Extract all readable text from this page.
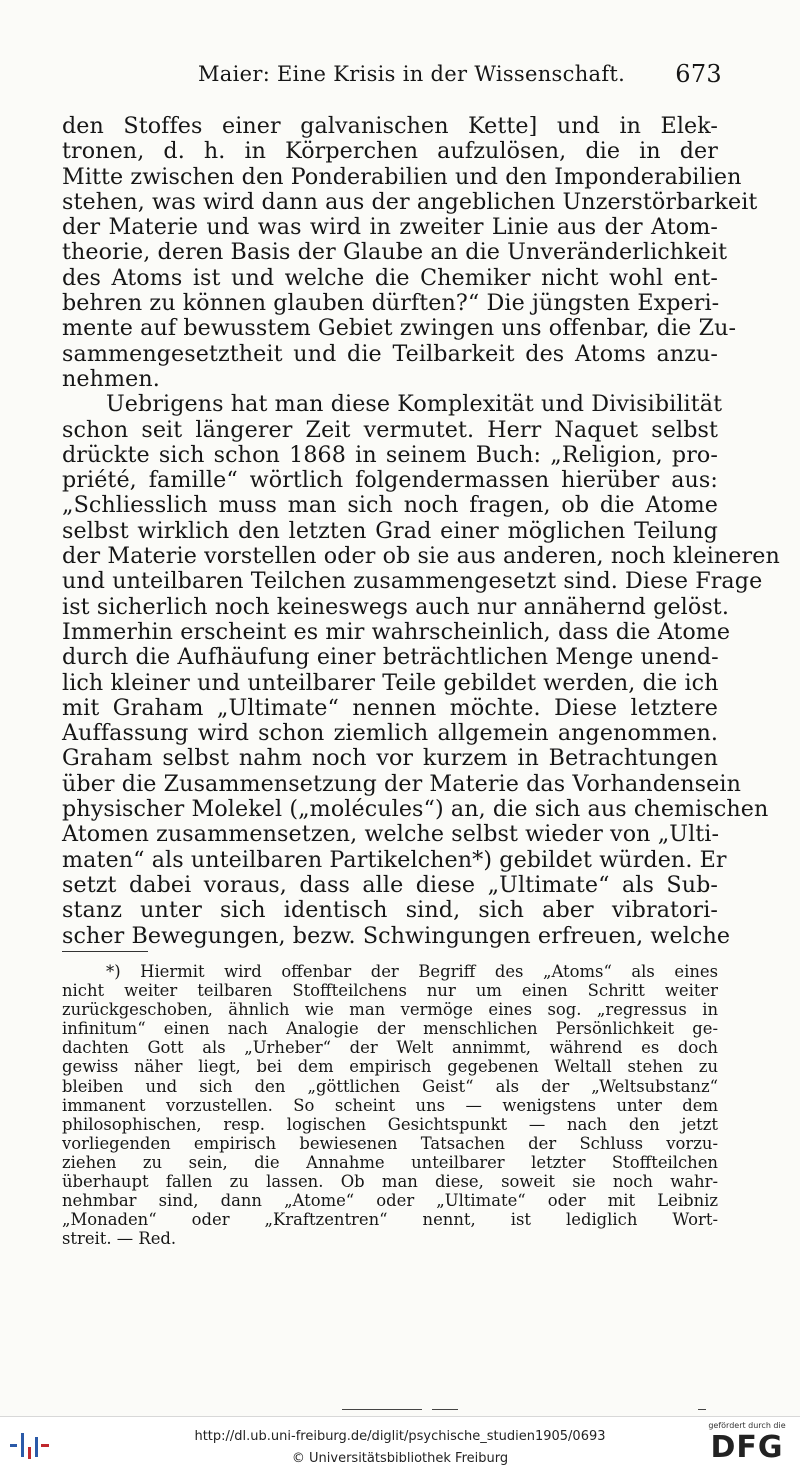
Maier: Eine Krisis in der Wissenschaft. 673
den Stoffes einer galvanischen Kette] und in Elek-
tronen, d. h. in Körperchen aufzulösen, die in der
Mitte zwischen den Ponderabilien und den Imponderabilien
stehen, was wird dann aus der angeblichen Unzerstörbarkeit
der Materie und was wird in zweiter Linie aus der Atom-
theorie, deren Basis der Glaube an die Unveränderlichkeit
des Atoms ist und welche die Chemiker nicht wohl ent-
behren zu können glauben dürften?“ Die jüngsten Experi-
mente auf bewusstem Gebiet zwingen uns offenbar, die Zu-
sammengesetztheit und die Teilbarkeit des Atoms anzu-
nehmen.
Uebrigens hat man diese Komplexität und Divisibilität
schon seit längerer Zeit vermutet. Herr Naquet selbst
drückte sich schon 1868 in seinem Buch: „Religion, pro-
priété, famille“ wörtlich folgendermassen hierüber aus:
„Schliesslich muss man sich noch fragen, ob die Atome
selbst wirklich den letzten Grad einer möglichen Teilung
der Materie vorstellen oder ob sie aus anderen, noch kleineren
und unteilbaren Teilchen zusammengesetzt sind. Diese Frage
ist sicherlich noch keineswegs auch nur annähernd gelöst.
Immerhin erscheint es mir wahrscheinlich, dass die Atome
durch die Aufhäufung einer beträchtlichen Menge unend-
lich kleiner und unteilbarer Teile gebildet werden, die ich
mit Graham „Ultimate“ nennen möchte. Diese letztere
Auffassung wird schon ziemlich allgemein angenommen.
Graham selbst nahm noch vor kurzem in Betrachtungen
über die Zusammensetzung der Materie das Vorhandensein
physischer Molekel („molécules“) an, die sich aus chemischen
Atomen zusammensetzen, welche selbst wieder von „Ulti-
maten“ als unteilbaren Partikelchen*) gebildet würden. Er
setzt dabei voraus, dass alle diese „Ultimate“ als Sub-
stanz unter sich identisch sind, sich aber vibratori-
scher Bewegungen, bezw. Schwingungen erfreuen, welche
*) Hiermit wird offenbar der Begriff des „Atoms“ als eines
nicht weiter teilbaren Stoffteilchens nur um einen Schritt weiter
zurückgeschoben, ähnlich wie man vermöge eines sog. „regressus in
infinitum“ einen nach Analogie der menschlichen Persönlichkeit ge-
dachten Gott als „Urheber“ der Welt annimmt, während es doch
gewiss näher liegt, bei dem empirisch gegebenen Weltall stehen zu
bleiben und sich den „göttlichen Geist“ als der „Weltsubstanz“
immanent vorzustellen. So scheint uns — wenigstens unter dem
philosophischen, resp. logischen Gesichtspunkt — nach den jetzt
vorliegenden empirisch bewiesenen Tatsachen der Schluss vorzu-
ziehen zu sein, die Annahme unteilbarer letzter Stoffteilchen
überhaupt fallen zu lassen. Ob man diese, soweit sie noch wahr-
nehmbar sind, dann „Atome“ oder „Ultimate“ oder mit Leibniz
„Monaden“ oder „Kraftzentren“ nennt, ist lediglich Wort-
streit. — Red.
http://dl.ub.uni-freiburg.de/diglit/psychische_studien1905/0693
© Universitätsbibliothek Freiburg
gefördert durch die
DFG
